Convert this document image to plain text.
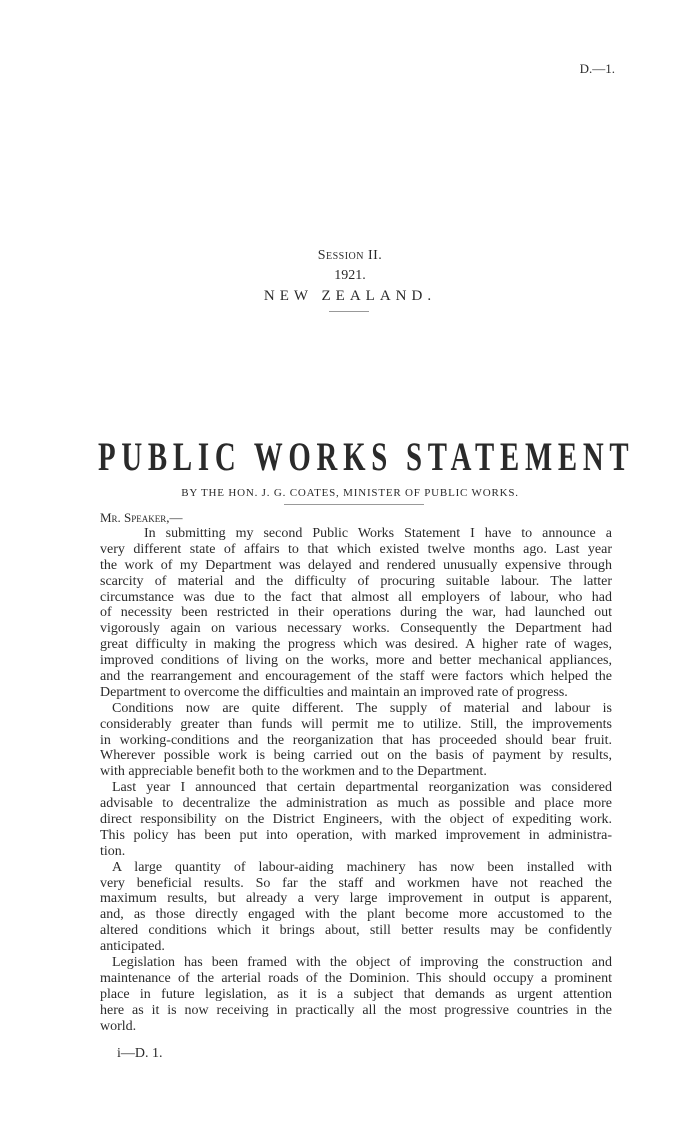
D.—1.
Session II.
1921.
NEW ZEALAND.
PUBLIC WORKS STATEMENT
BY THE HON. J. G. COATES, MINISTER OF PUBLIC WORKS.
Mr. Speaker,—
In submitting my second Public Works Statement I have to announce a
very different state of affairs to that which existed twelve months ago. Last year
the work of my Department was delayed and rendered unusually expensive through
scarcity of material and the difficulty of procuring suitable labour. The latter
circumstance was due to the fact that almost all employers of labour, who had
of necessity been restricted in their operations during the war, had launched out
vigorously again on various necessary works. Consequently the Department had
great difficulty in making the progress which was desired. A higher rate of wages,
improved conditions of living on the works, more and better mechanical appliances,
and the rearrangement and encouragement of the staff were factors which helped the
Department to overcome the difficulties and maintain an improved rate of progress.
Conditions now are quite different. The supply of material and labour is
considerably greater than funds will permit me to utilize. Still, the improvements
in working-conditions and the reorganization that has proceeded should bear fruit.
Wherever possible work is being carried out on the basis of payment by results,
with appreciable benefit both to the workmen and to the Department.
Last year I announced that certain departmental reorganization was considered
advisable to decentralize the administration as much as possible and place more
direct responsibility on the District Engineers, with the object of expediting work.
This policy has been put into operation, with marked improvement in administra-
tion.
A large quantity of labour-aiding machinery has now been installed with
very beneficial results. So far the staff and workmen have not reached the
maximum results, but already a very large improvement in output is apparent,
and, as those directly engaged with the plant become more accustomed to the
altered conditions which it brings about, still better results may be confidently
anticipated.
Legislation has been framed with the object of improving the construction and
maintenance of the arterial roads of the Dominion. This should occupy a prominent
place in future legislation, as it is a subject that demands as urgent attention
here as it is now receiving in practically all the most progressive countries in the
world.
i—D. 1.
